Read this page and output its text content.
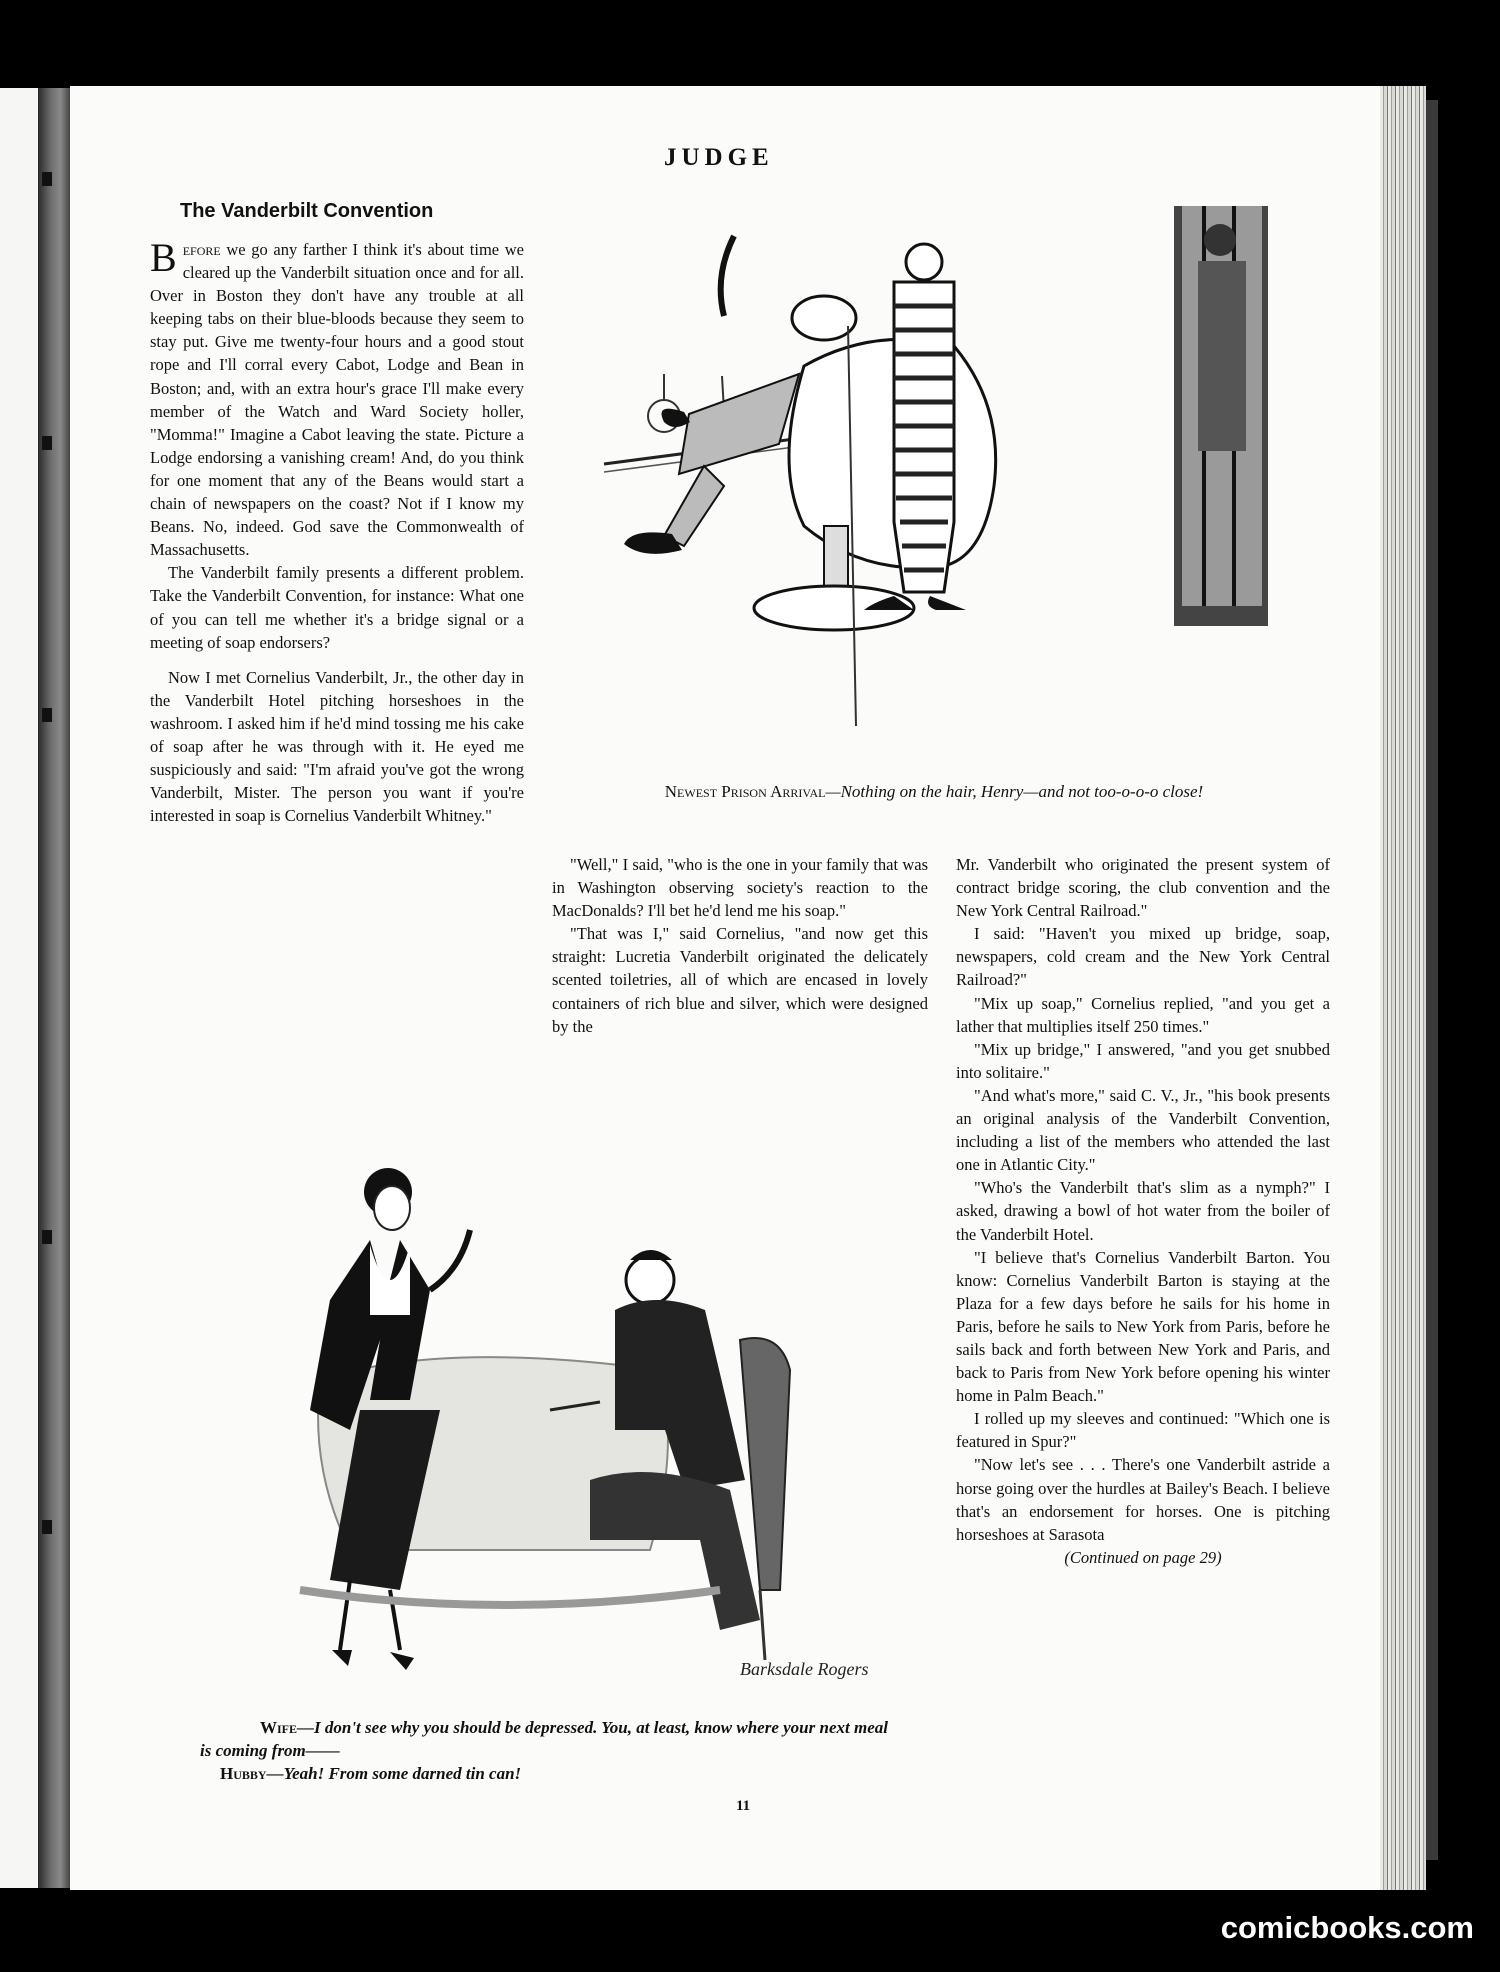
JUDGE
The Vanderbilt Convention

Before we go any farther I think it's about time we cleared up the Vanderbilt situation once and for all. Over in Boston they don't have any trouble at all keeping tabs on their blue-bloods because they seem to stay put. Give me twenty-four hours and a good stout rope and I'll corral every Cabot, Lodge and Bean in Boston; and, with an extra hour's grace I'll make every member of the Watch and Ward Society holler, "Momma!" Imagine a Cabot leaving the state. Picture a Lodge endorsing a vanishing cream! And, do you think for one moment that any of the Beans would start a chain of newspapers on the coast? Not if I know my Beans. No, indeed. God save the Commonwealth of Massachusetts.

The Vanderbilt family presents a different problem. Take the Vanderbilt Convention, for instance: What one of you can tell me whether it's a bridge signal or a meeting of soap endorsers?

Now I met Cornelius Vanderbilt, Jr., the other day in the Vanderbilt Hotel pitching horseshoes in the washroom. I asked him if he'd mind tossing me his cake of soap after he was through with it. He eyed me suspiciously and said: "I'm afraid you've got the wrong Vanderbilt, Mister. The person you want if you're interested in soap is Cornelius Vanderbilt Whitney."

Newest Prison Arrival—Nothing on the hair, Henry—and not too-o-o-o close!

"Well," I said, "who is the one in your family that was in Washington observing society's reaction to the MacDonalds? I'll bet he'd lend me his soap."

"That was I," said Cornelius, "and now get this straight: Lucretia Vanderbilt originated the delicately scented toiletries, all of which are encased in lovely containers of rich blue and silver, which were designed by the

Mr. Vanderbilt who originated the present system of contract bridge scoring, the club convention and the New York Central Railroad."

I said: "Haven't you mixed up bridge, soap, newspapers, cold cream and the New York Central Railroad?"

"Mix up soap," Cornelius replied, "and you get a lather that multiplies itself 250 times."

"Mix up bridge," I answered, "and you get snubbed into solitaire."

"And what's more," said C. V., Jr., "his book presents an original analysis of the Vanderbilt Convention, including a list of the members who attended the last one in Atlantic City."

"Who's the Vanderbilt that's slim as a nymph?" I asked, drawing a bowl of hot water from the boiler of the Vanderbilt Hotel.

"I believe that's Cornelius Vanderbilt Barton. You know: Cornelius Vanderbilt Barton is staying at the Plaza for a few days before he sails for his home in Paris, before he sails to New York from Paris, before he sails back and forth between New York and Paris, and back to Paris from New York before opening his winter home in Palm Beach."

I rolled up my sleeves and continued: "Which one is featured in Spur?"

"Now let's see . . . There's one Vanderbilt astride a horse going over the hurdles at Bailey's Beach. I believe that's an endorsement for horses. One is pitching horseshoes at Sarasota

(Continued on page 29)
Barksdale Rogers
Wife—I don't see why you should be depressed. You, at least, know where your next meal is coming from——
Hubby—Yeah! From some darned tin can!
11
comicbooks.com
